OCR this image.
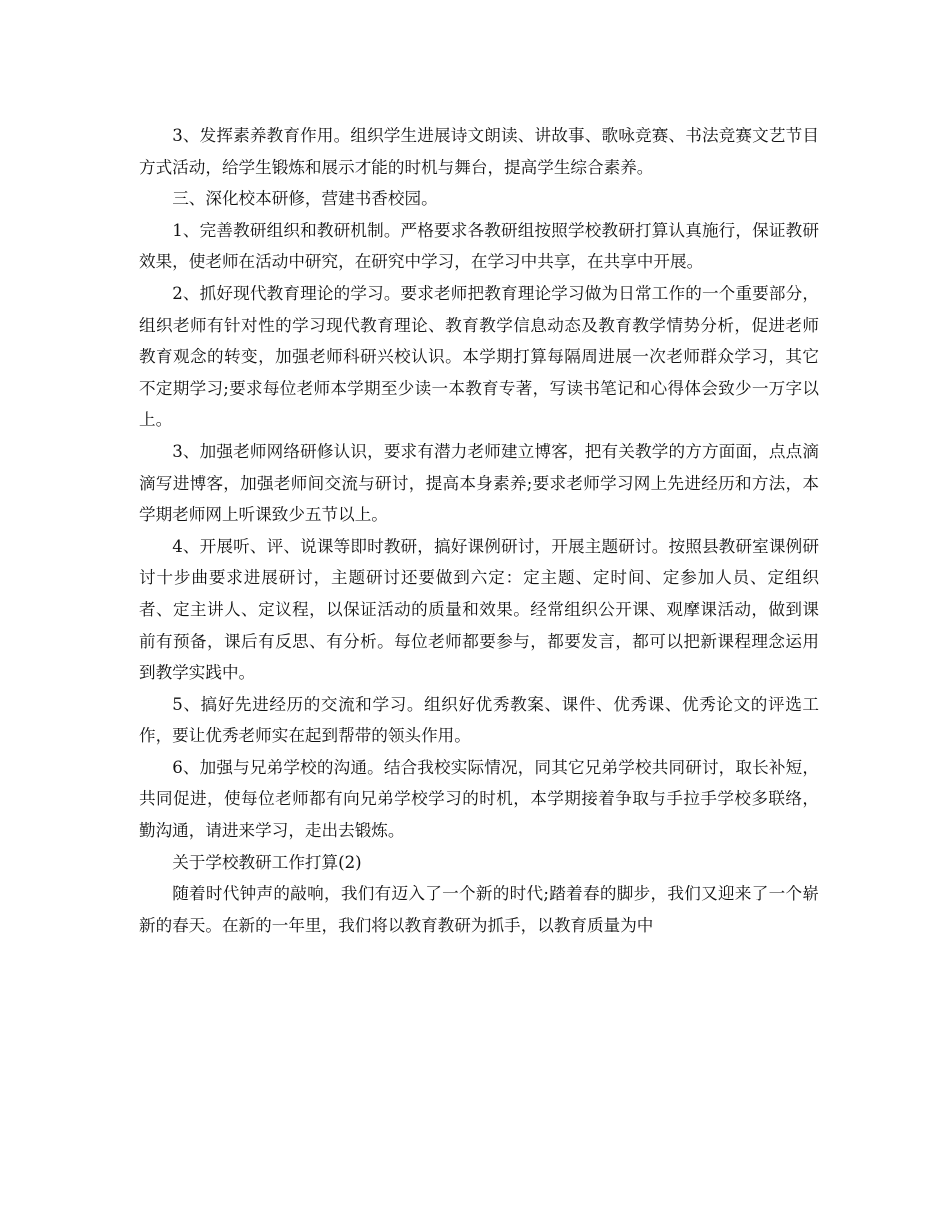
3、发挥素养教育作用。组织学生进展诗文朗读、讲故事、歌咏竞赛、书法竞赛文艺节目方式活动，给学生锻炼和展示才能的时机与舞台，提高学生综合素养。

三、深化校本研修，营建书香校园。

1、完善教研组织和教研机制。严格要求各教研组按照学校教研打算认真施行，保证教研效果，使老师在活动中研究，在研究中学习，在学习中共享，在共享中开展。

2、抓好现代教育理论的学习。要求老师把教育理论学习做为日常工作的一个重要部分，组织老师有针对性的学习现代教育理论、教育教学信息动态及教育教学情势分析，促进老师教育观念的转变，加强老师科研兴校认识。本学期打算每隔周进展一次老师群众学习，其它不定期学习;要求每位老师本学期至少读一本教育专著，写读书笔记和心得体会致少一万字以上。

3、加强老师网络研修认识，要求有潜力老师建立博客，把有关教学的方方面面，点点滴滴写进博客，加强老师间交流与研讨，提高本身素养;要求老师学习网上先进经历和方法，本学期老师网上听课致少五节以上。

4、开展听、评、说课等即时教研，搞好课例研讨，开展主题研讨。按照县教研室课例研讨十步曲要求进展研讨，主题研讨还要做到六定：定主题、定时间、定参加人员、定组织者、定主讲人、定议程，以保证活动的质量和效果。经常组织公开课、观摩课活动，做到课前有预备，课后有反思、有分析。每位老师都要参与，都要发言，都可以把新课程理念运用到教学实践中。

5、搞好先进经历的交流和学习。组织好优秀教案、课件、优秀课、优秀论文的评选工作，要让优秀老师实在起到帮带的领头作用。

6、加强与兄弟学校的沟通。结合我校实际情况，同其它兄弟学校共同研讨，取长补短，共同促进，使每位老师都有向兄弟学校学习的时机，本学期接着争取与手拉手学校多联络，勤沟通，请进来学习，走出去锻炼。

关于学校教研工作打算(2)

随着时代钟声的敲响，我们有迈入了一个新的时代;踏着春的脚步，我们又迎来了一个崭新的春天。在新的一年里，我们将以教育教研为抓手，以教育质量为中
